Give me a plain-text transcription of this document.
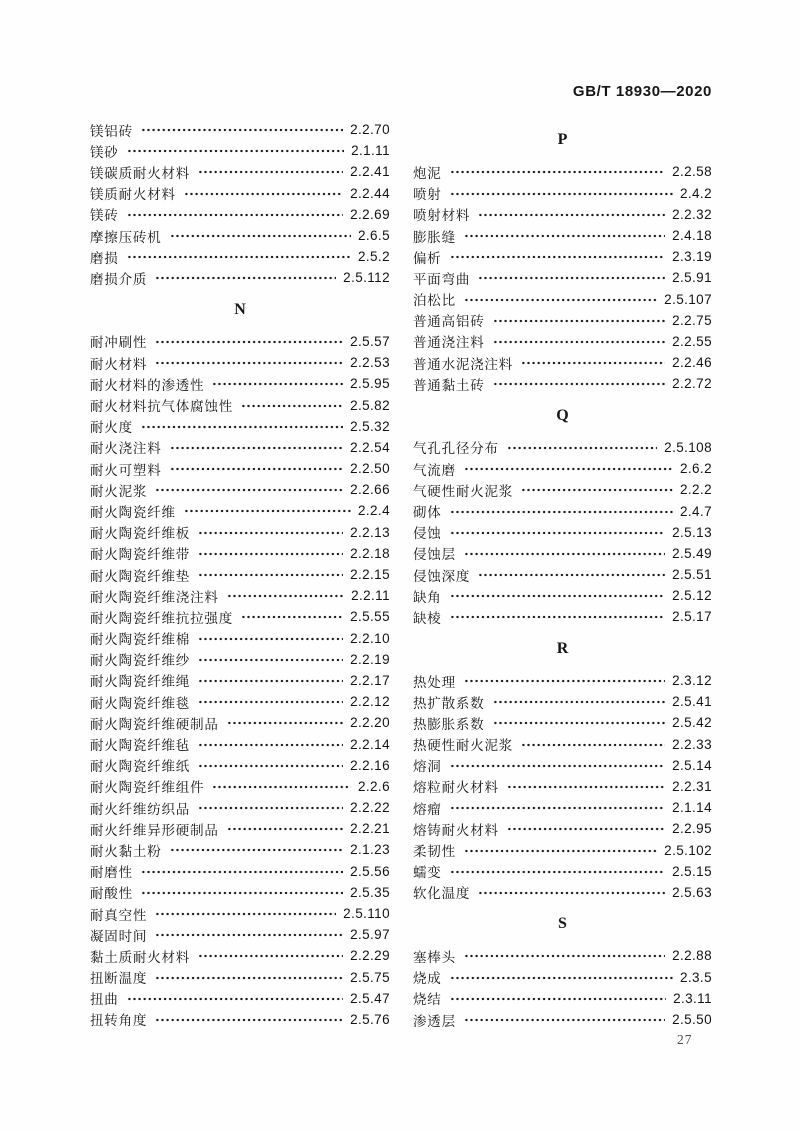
GB/T 18930—2020
镁铝砖	2.2.70
镁砂	2.1.11
镁碳质耐火材料	2.2.41
镁质耐火材料	2.2.44
镁砖	2.2.69
摩擦压砖机	2.6.5
磨损	2.5.2
磨损介质	2.5.112
N
耐冲刷性	2.5.57
耐火材料	2.2.53
耐火材料的渗透性	2.5.95
耐火材料抗气体腐蚀性	2.5.82
耐火度	2.5.32
耐火浇注料	2.2.54
耐火可塑料	2.2.50
耐火泥浆	2.2.66
耐火陶瓷纤维	2.2.4
耐火陶瓷纤维板	2.2.13
耐火陶瓷纤维带	2.2.18
耐火陶瓷纤维垫	2.2.15
耐火陶瓷纤维浇注料	2.2.11
耐火陶瓷纤维抗拉强度	2.5.55
耐火陶瓷纤维棉	2.2.10
耐火陶瓷纤维纱	2.2.19
耐火陶瓷纤维绳	2.2.17
耐火陶瓷纤维毯	2.2.12
耐火陶瓷纤维硬制品	2.2.20
耐火陶瓷纤维毡	2.2.14
耐火陶瓷纤维纸	2.2.16
耐火陶瓷纤维组件	2.2.6
耐火纤维纺织品	2.2.22
耐火纤维异形硬制品	2.2.21
耐火黏土粉	2.1.23
耐磨性	2.5.56
耐酸性	2.5.35
耐真空性	2.5.110
凝固时间	2.5.97
黏土质耐火材料	2.2.29
扭断温度	2.5.75
扭曲	2.5.47
扭转角度	2.5.76
P
炮泥	2.2.58
喷射	2.4.2
喷射材料	2.2.32
膨胀缝	2.4.18
偏析	2.3.19
平面弯曲	2.5.91
泊松比	2.5.107
普通高铝砖	2.2.75
普通浇注料	2.2.55
普通水泥浇注料	2.2.46
普通黏土砖	2.2.72
Q
气孔孔径分布	2.5.108
气流磨	2.6.2
气硬性耐火泥浆	2.2.2
砌体	2.4.7
侵蚀	2.5.13
侵蚀层	2.5.49
侵蚀深度	2.5.51
缺角	2.5.12
缺棱	2.5.17
R
热处理	2.3.12
热扩散系数	2.5.41
热膨胀系数	2.5.42
热硬性耐火泥浆	2.2.33
熔洞	2.5.14
熔粒耐火材料	2.2.31
熔瘤	2.1.14
熔铸耐火材料	2.2.95
柔韧性	2.5.102
蠕变	2.5.15
软化温度	2.5.63
S
塞棒头	2.2.88
烧成	2.3.5
烧结	2.3.11
渗透层	2.5.50
27
